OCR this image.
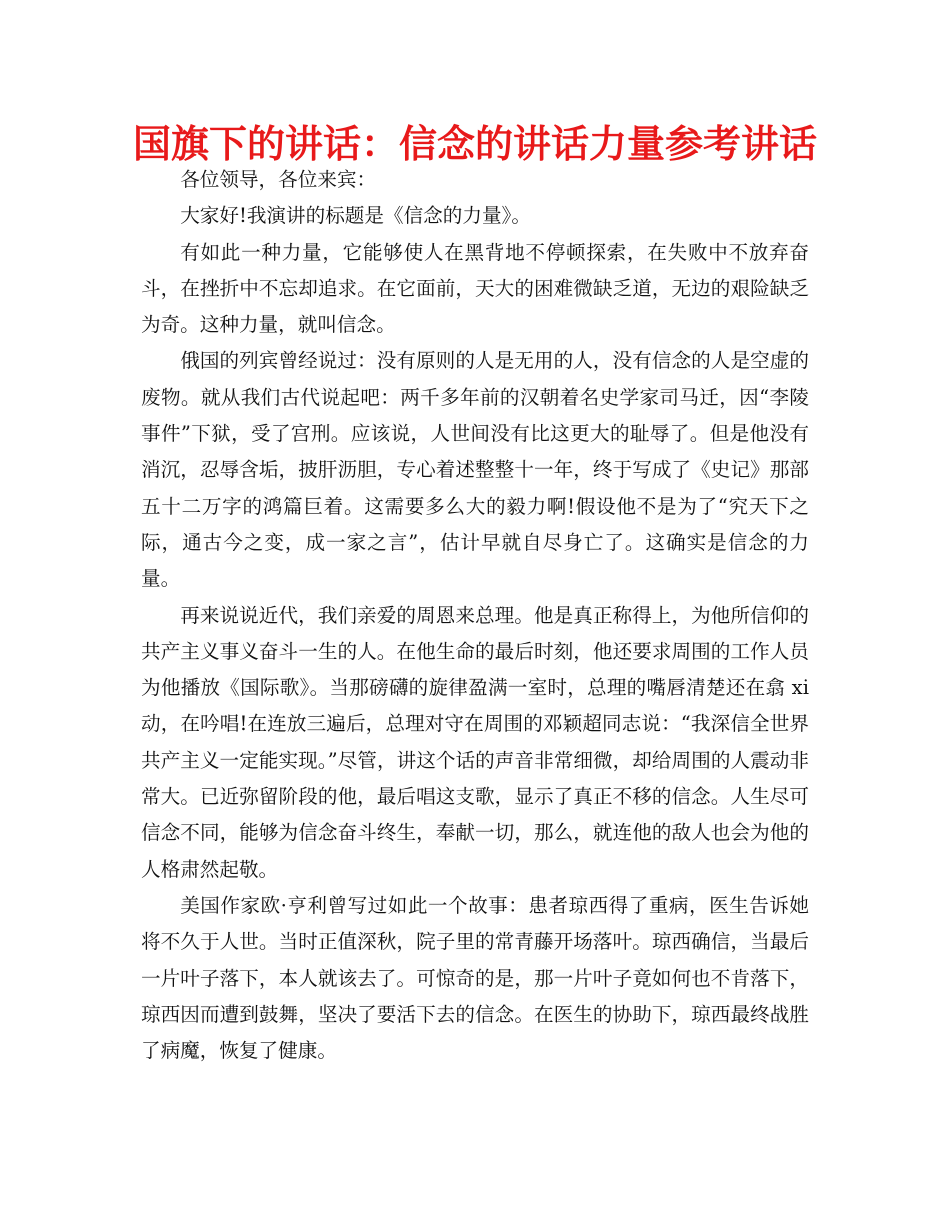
国旗下的讲话：信念的讲话力量参考讲话

各位领导，各位来宾：

大家好!我演讲的标题是《信念的力量》。

有如此一种力量，它能够使人在黑背地不停顿探索，在失败中不放弃奋斗，在挫折中不忘却追求。在它面前，天大的困难微缺乏道，无边的艰险缺乏为奇。这种力量，就叫信念。

俄国的列宾曾经说过：没有原则的人是无用的人，没有信念的人是空虚的废物。就从我们古代说起吧：两千多年前的汉朝着名史学家司马迁，因“李陵事件”下狱，受了宫刑。应该说，人世间没有比这更大的耻辱了。但是他没有消沉，忍辱含垢，披肝沥胆，专心着述整整十一年，终于写成了《史记》那部五十二万字的鸿篇巨着。这需要多么大的毅力啊!假设他不是为了“究天下之际，通古今之变，成一家之言”，估计早就自尽身亡了。这确实是信念的力量。

再来说说近代，我们亲爱的周恩来总理。他是真正称得上，为他所信仰的共产主义事义奋斗一生的人。在他生命的最后时刻，他还要求周围的工作人员为他播放《国际歌》。当那磅礴的旋律盈满一室时，总理的嘴唇清楚还在翕 xi 动，在吟唱!在连放三遍后，总理对守在周围的邓颖超同志说：“我深信全世界共产主义一定能实现。”尽管，讲这个话的声音非常细微，却给周围的人震动非常大。已近弥留阶段的他，最后唱这支歌，显示了真正不移的信念。人生尽可信念不同，能够为信念奋斗终生，奉献一切，那么，就连他的敌人也会为他的人格肃然起敬。

美国作家欧·亨利曾写过如此一个故事：患者琼西得了重病，医生告诉她将不久于人世。当时正值深秋，院子里的常青藤开场落叶。琼西确信，当最后一片叶子落下，本人就该去了。可惊奇的是，那一片叶子竟如何也不肯落下，琼西因而遭到鼓舞，坚决了要活下去的信念。在医生的协助下，琼西最终战胜了病魔，恢复了健康。
